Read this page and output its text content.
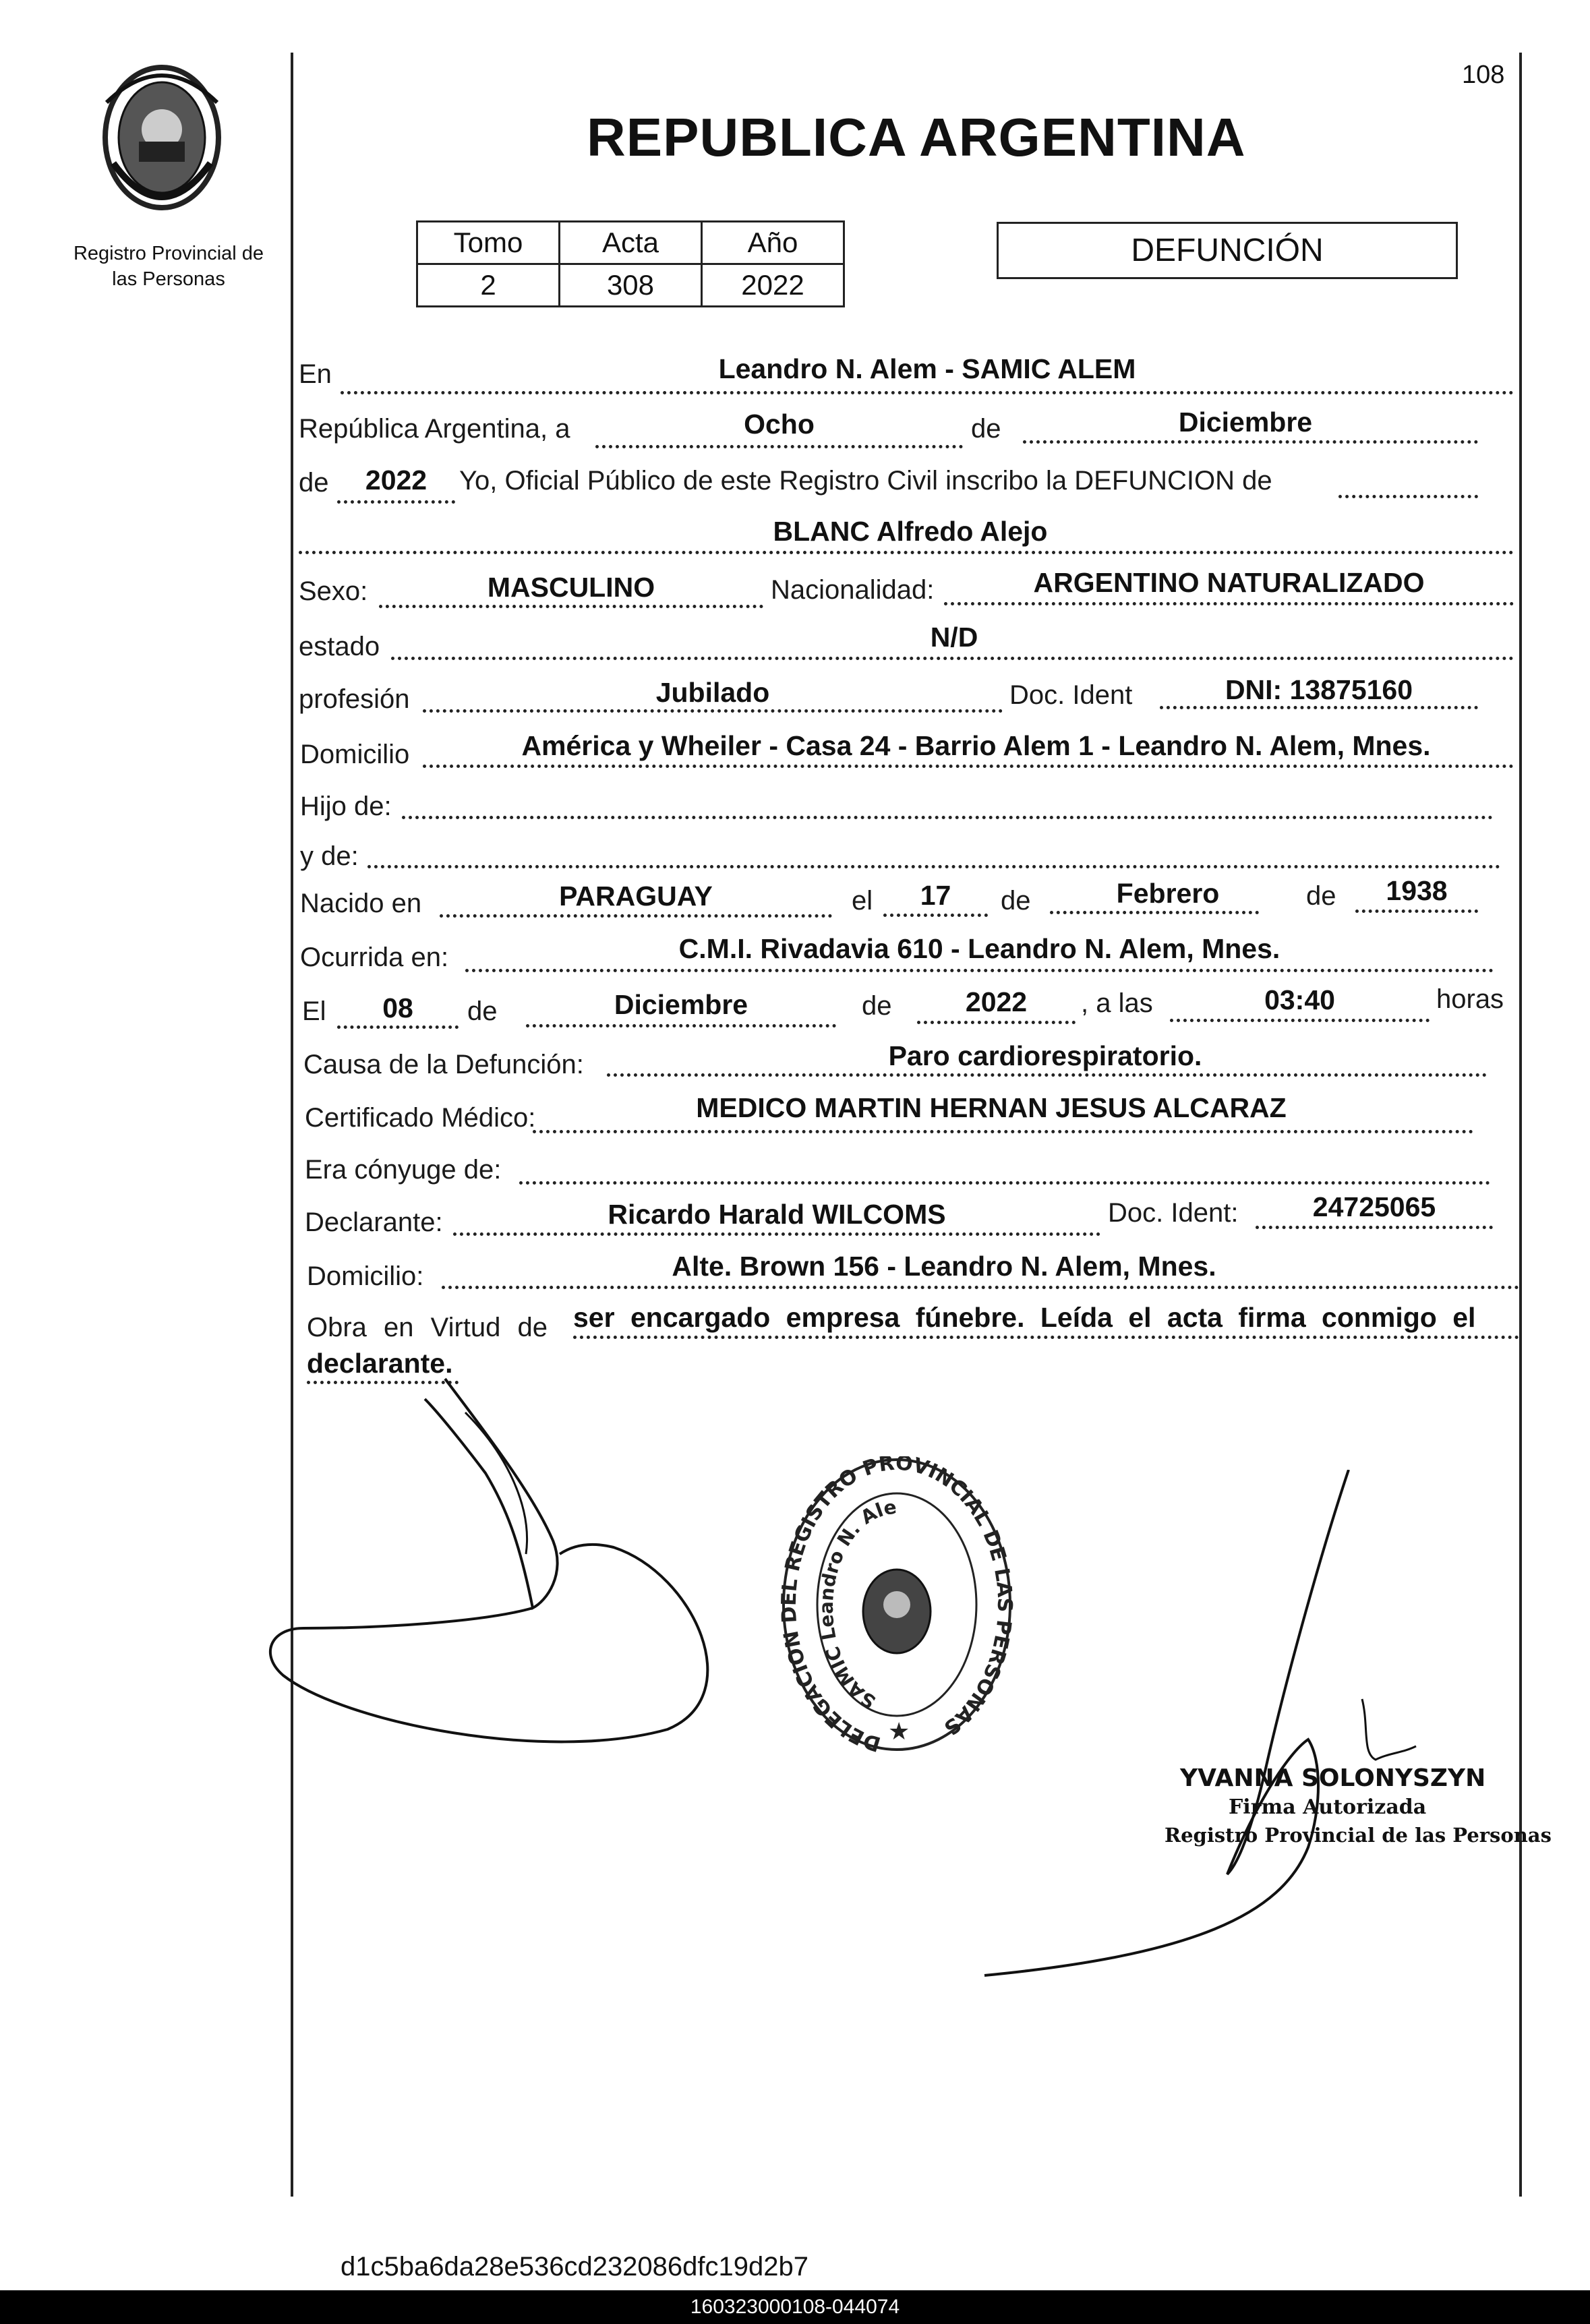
Registro Provincial de las Personas
108
REPUBLICA ARGENTINA
Tomo	Acta	Año
2	308	2022
DEFUNCIÓN
En	Leandro N. Alem - SAMIC ALEM
República Argentina, a	Ocho	de	Diciembre
de	2022	Yo, Oficial Público de este Registro Civil inscribo la DEFUNCION de
BLANC Alfredo Alejo
Sexo:	MASCULINO	Nacionalidad:	ARGENTINO NATURALIZADO
estado	N/D
profesión	Jubilado	Doc. Ident	DNI: 13875160
Domicilio	América y Wheiler - Casa 24 - Barrio Alem 1 - Leandro N. Alem, Mnes.
Hijo de:
y de:
Nacido en	PARAGUAY	el	17	de	Febrero	de	1938
Ocurrida en:	C.M.I. Rivadavia 610 - Leandro N. Alem, Mnes.
El	08	de	Diciembre	de	2022	, a las	03:40	horas
Causa de la Defunción:	Paro cardiorespiratorio.
Certificado Médico:	MEDICO MARTIN HERNAN JESUS ALCARAZ
Era cónyuge de:
Declarante:	Ricardo Harald WILCOMS	Doc. Ident:	24725065
Domicilio:	Alte. Brown 156 - Leandro N. Alem, Mnes.
Obra en Virtud de ser encargado empresa fúnebre. Leída el acta firma conmigo el
declarante.
DELEGACION DEL REGISTRO PROVINCIAL DE LAS PERSONAS
SAMIC Leandro N. Ale
★
YVANNA SOLONYSZYN
Firma Autorizada
Registro Provincial de las Personas
d1c5ba6da28e536cd232086dfc19d2b7
160323000108-044074
